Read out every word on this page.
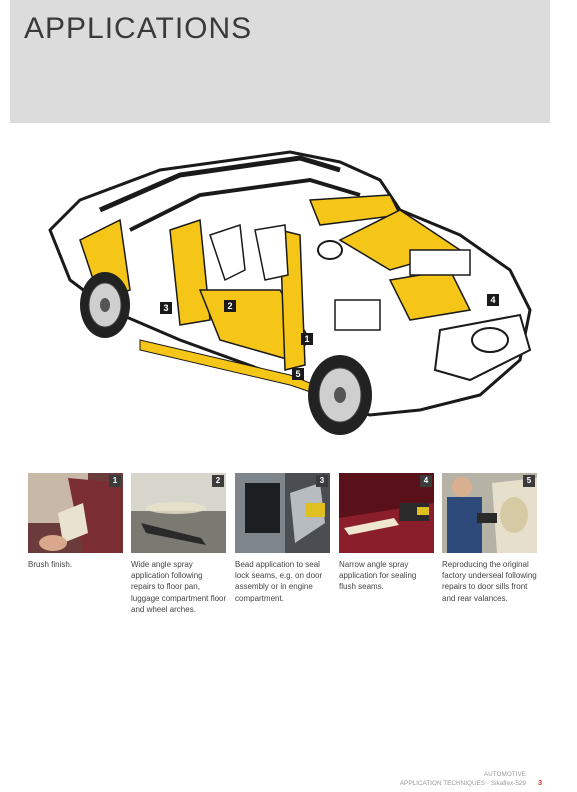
APPLICATIONS
3	2
1
5
4
1
Brush finish.
2
Wide angle spray application following repairs to floor pan, luggage compartment floor and wheel arches.
3
Bead application to seal lock seams, e.g. on door assembly or in engine compartment.
4
Narrow angle spray application for sealing flush seams.
5
Reproducing the original factory underseal following repairs to door sills front and rear valances.
AUTOMOTIVE
APPLICATION TECHNIQUES · Sikaflex-529 3
